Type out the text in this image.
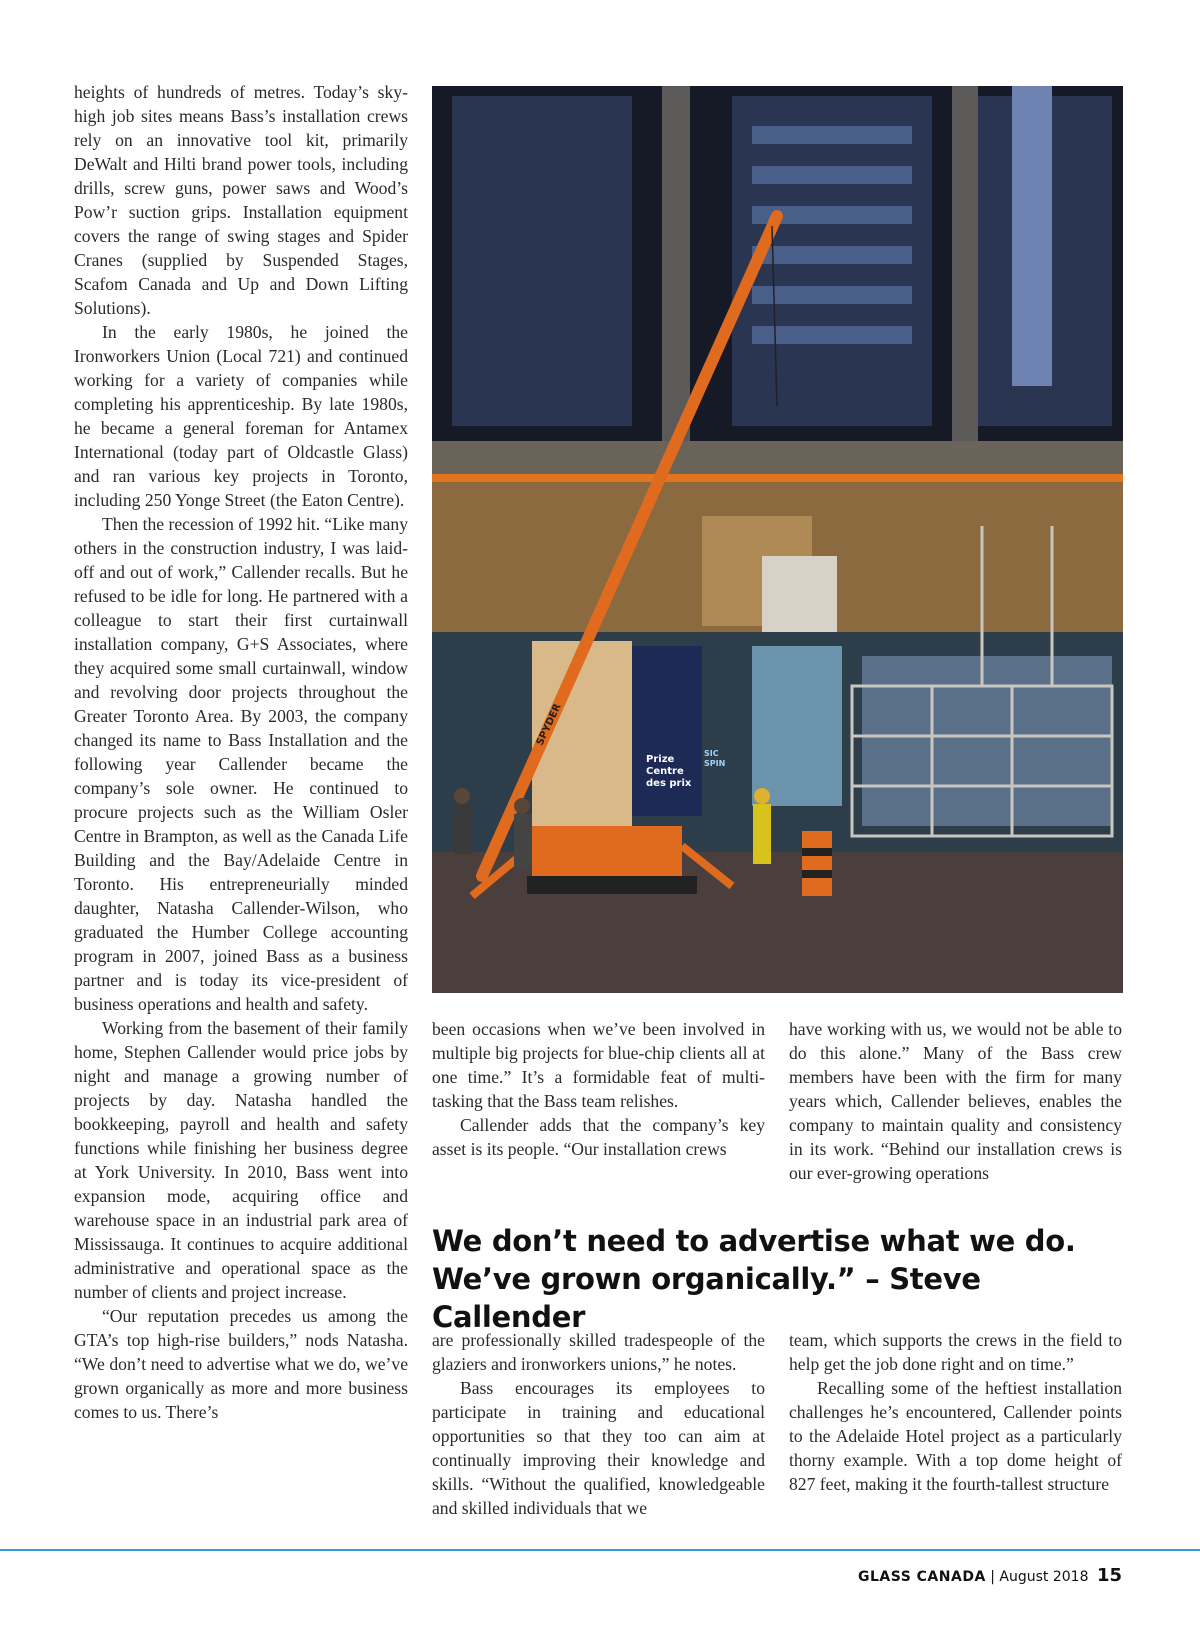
heights of hundreds of metres. Today’s sky-high job sites means Bass’s installation crews rely on an innovative tool kit, primarily DeWalt and Hilti brand power tools, including drills, screw guns, power saws and Wood’s Pow’r suction grips. Installation equipment covers the range of swing stages and Spider Cranes (supplied by Suspended Stages, Scafom Canada and Up and Down Lifting Solutions).

In the early 1980s, he joined the Ironworkers Union (Local 721) and continued working for a variety of companies while completing his apprenticeship. By late 1980s, he became a general foreman for Antamex International (today part of Oldcastle Glass) and ran various key projects in Toronto, including 250 Yonge Street (the Eaton Centre).

Then the recession of 1992 hit. “Like many others in the construction industry, I was laid-off and out of work,” Callender recalls. But he refused to be idle for long. He partnered with a colleague to start their first curtainwall installation company, G+S Associates, where they acquired some small curtainwall, window and revolving door projects throughout the Greater Toronto Area. By 2003, the company changed its name to Bass Installation and the following year Callender became the company’s sole owner. He continued to procure projects such as the William Osler Centre in Brampton, as well as the Canada Life Building and the Bay/Adelaide Centre in Toronto. His entrepreneurially minded daughter, Natasha Callender-Wilson, who graduated the Humber College accounting program in 2007, joined Bass as a business partner and is today its vice-president of business operations and health and safety.

Working from the basement of their family home, Stephen Callender would price jobs by night and manage a growing number of projects by day. Natasha handled the bookkeeping, payroll and health and safety functions while finishing her business degree at York University. In 2010, Bass went into expansion mode, acquiring office and warehouse space in an industrial park area of Mississauga. It continues to acquire additional administrative and operational space as the number of clients and project increase.

“Our reputation precedes us among the GTA’s top high-rise builders,” nods Natasha. “We don’t need to advertise what we do, we’ve grown organically as more and more business comes to us. There’s

Prize
Centre
des prix
SIC
SPIN
SPYDER

been occasions when we’ve been involved in multiple big projects for blue-chip clients all at one time.” It’s a formidable feat of multi-tasking that the Bass team relishes.

Callender adds that the company’s key asset is its people. “Our installation crews

have working with us, we would not be able to do this alone.” Many of the Bass crew members have been with the firm for many years which, Callender believes, enables the company to maintain quality and consistency in its work. “Behind our installation crews is our ever-growing operations

We don’t need to advertise what we do.
We’ve grown organically.” – Steve Callender

are professionally skilled tradespeople of the glaziers and ironworkers unions,” he notes.

Bass encourages its employees to participate in training and educational opportunities so that they too can aim at continually improving their knowledge and skills. “Without the qualified, knowledgeable and skilled individuals that we

team, which supports the crews in the field to help get the job done right and on time.”

Recalling some of the heftiest installation challenges he’s encountered, Callender points to the Adelaide Hotel project as a particularly thorny example. With a top dome height of 827 feet, making it the fourth-tallest structure

GLASS CANADA | August 2018 15
